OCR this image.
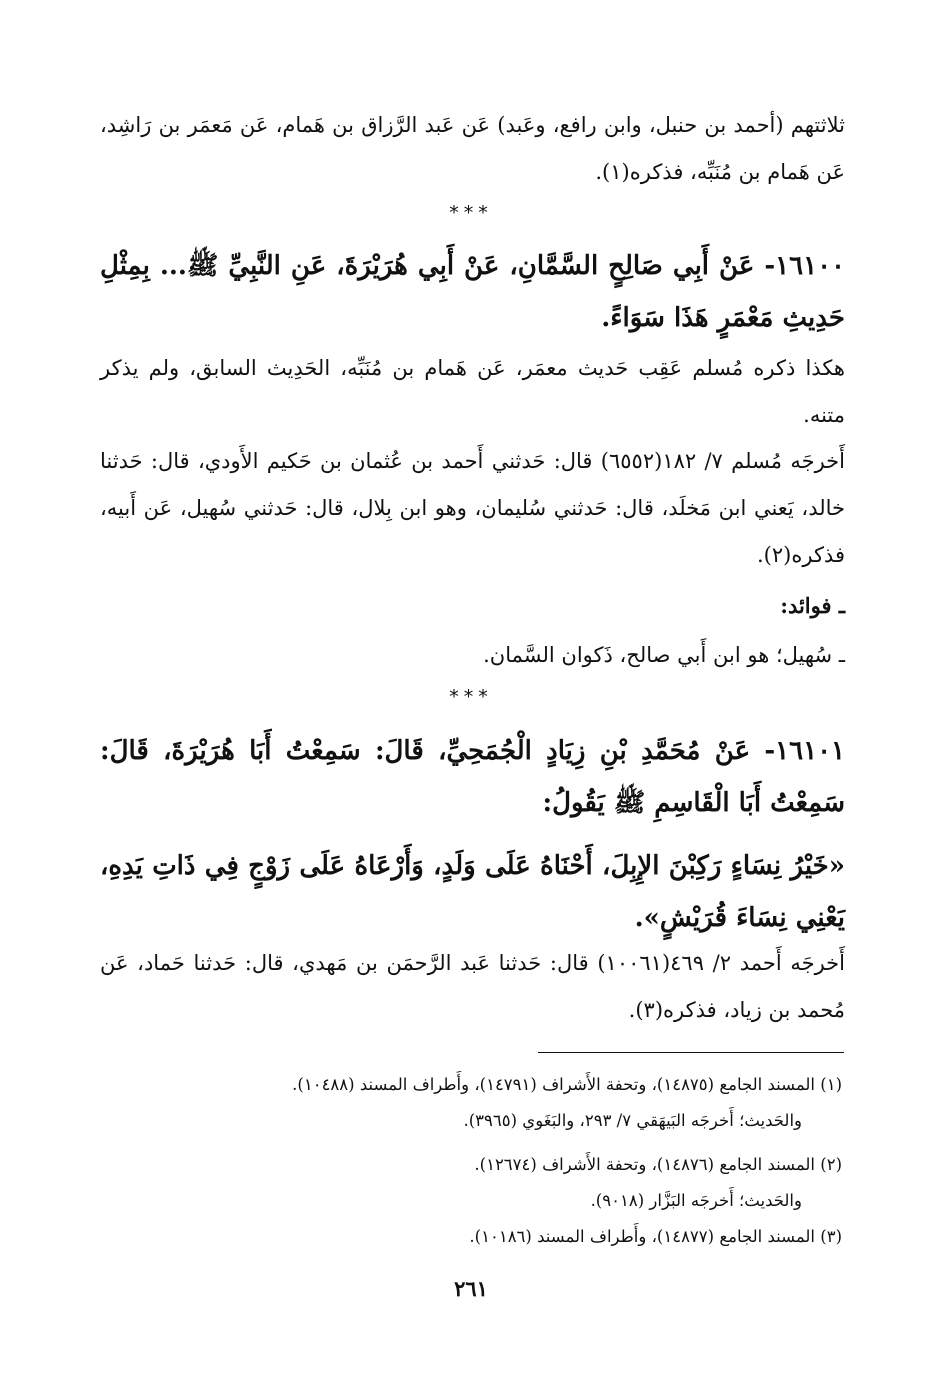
ثلاثتهم (أحمد بن حنبل، وابن رافع، وعَبد) عَن عَبد الرَّزاق بن هَمام، عَن مَعمَر بن رَاشِد، عَن هَمام بن مُنَبِّه، فذكره(١).

***

١٦١٠٠- عَنْ أَبِي صَالِحٍ السَّمَّانِ، عَنْ أَبِي هُرَيْرَةَ، عَنِ النَّبِيِّ ﷺ... بِمِثْلِ حَدِيثِ مَعْمَرٍ هَذَا سَوَاءً.

هكذا ذكره مُسلم عَقِب حَديث معمَر، عَن هَمام بن مُنَبِّه، الحَدِيث السابق، ولم يذكر متنه.

أَخرجَه مُسلم ٧/ ١٨٢(٦٥٥٢) قال: حَدثني أَحمد بن عُثمان بن حَكيم الأَودي، قال: حَدثنا خالد، يَعني ابن مَخلَد، قال: حَدثني سُليمان، وهو ابن بِلال، قال: حَدثني سُهيل، عَن أَبيه، فذكره(٢).

ـ فوائد:

ـ سُهيل؛ هو ابن أَبي صالح، ذَكوان السَّمان.

***

١٦١٠١- عَنْ مُحَمَّدِ بْنِ زِيَادٍ الْجُمَحِيِّ، قَالَ: سَمِعْتُ أَبَا هُرَيْرَةَ، قَالَ: سَمِعْتُ أَبَا الْقَاسِمِ ﷺ يَقُولُ:

«خَيْرُ نِسَاءٍ رَكِبْنَ الإِبِلَ، أَحْنَاهُ عَلَى وَلَدٍ، وَأَرْعَاهُ عَلَى زَوْجٍ فِي ذَاتِ يَدِهِ، يَعْنِي نِسَاءَ قُرَيْشٍ».

أَخرجَه أَحمد ٢/ ٤٦٩(١٠٠٦١) قال: حَدثنا عَبد الرَّحمَن بن مَهدي، قال: حَدثنا حَماد، عَن مُحمد بن زياد، فذكره(٣).

(١) المسند الجامع (١٤٨٧٥)، وتحفة الأَشراف (١٤٧٩١)، وأَطراف المسند (١٠٤٨٨).
والحَديث؛ أَخرجَه البَيهَقي ٧/ ٢٩٣، والبَغَوي (٣٩٦٥).
(٢) المسند الجامع (١٤٨٧٦)، وتحفة الأَشراف (١٢٦٧٤).
والحَديث؛ أَخرجَه البَزَّار (٩٠١٨).
(٣) المسند الجامع (١٤٨٧٧)، وأَطراف المسند (١٠١٨٦).
٢٦١
